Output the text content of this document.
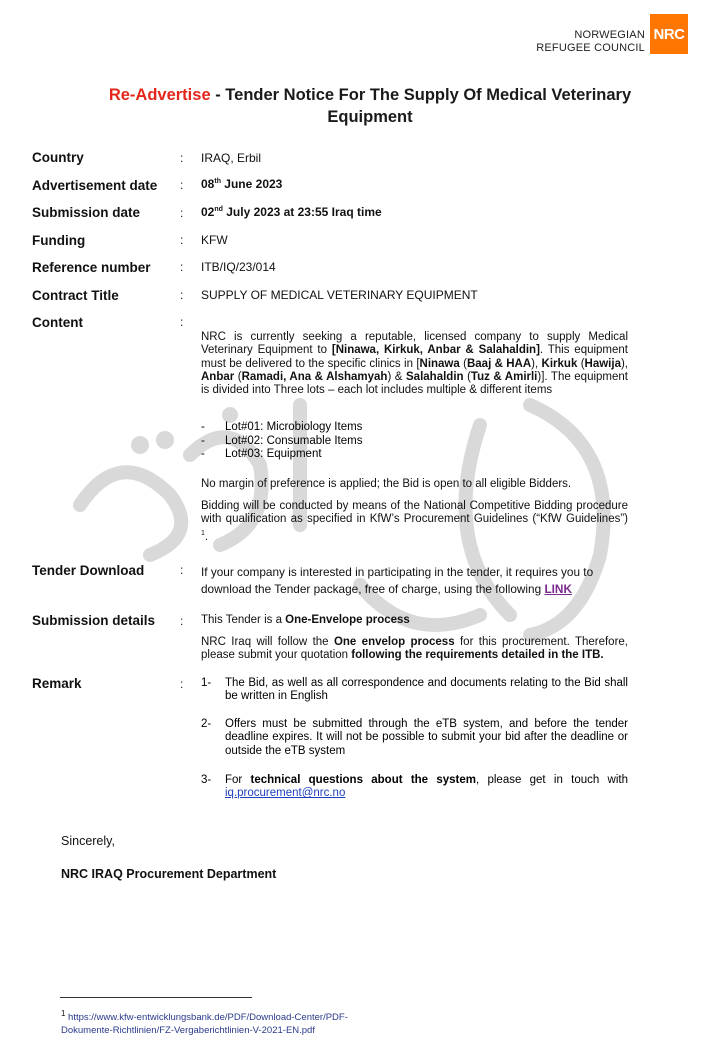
NORWEGIAN
REFUGEE COUNCIL
NRC
Re-Advertise - Tender Notice For The Supply Of Medical Veterinary
Equipment
Country	: IRAQ, Erbil
Advertisement date : 08th June 2023
Submission date	: 02nd July 2023 at 23:55 Iraq time
Funding	: KFW
Reference number : ITB/IQ/23/014
Contract Title	: SUPPLY OF MEDICAL VETERINARY EQUIPMENT
Content	:
NRC is currently seeking a reputable, licensed company to supply Medical Veterinary Equipment to [Ninawa, Kirkuk, Anbar & Salahaldin]. This equipment must be delivered to the specific clinics in [Ninawa (Baaj & HAA), Kirkuk (Hawija), Anbar (Ramadi, Ana & Alshamyah) & Salahaldin (Tuz & Amirli)]. The equipment is divided into Three lots – each lot includes multiple & different items
-	Lot#01: Microbiology Items
-	Lot#02: Consumable Items
-	Lot#03: Equipment
No margin of preference is applied; the Bid is open to all eligible Bidders.
Bidding will be conducted by means of the National Competitive Bidding procedure with qualification as specified in KfW’s Procurement Guidelines (“KfW Guidelines”) $^1$.
Tender Download	: If your company is interested in participating in the tender, it requires you to download the Tender package, free of charge, using the following LINK
Submission details : This Tender is a One-Envelope process
NRC Iraq will follow the One envelop process for this procurement. Therefore, please submit your quotation following the requirements detailed in the ITB.
Remark	: 1-	The Bid, as well as all correspondence and documents relating to the Bid shall be written in English
2-	Offers must be submitted through the eTB system, and before the tender deadline expires. It will not be possible to submit your bid after the deadline or outside the eTB system
3-	For technical questions about the system, please get in touch with iq.procurement@nrc.no
Sincerely,
NRC IRAQ Procurement Department
$^1$ https://www.kfw-entwicklungsbank.de/PDF/Download-Center/PDF-
Dokumente-Richtlinien/FZ-Vergaberichtlinien-V-2021-EN.pdf
